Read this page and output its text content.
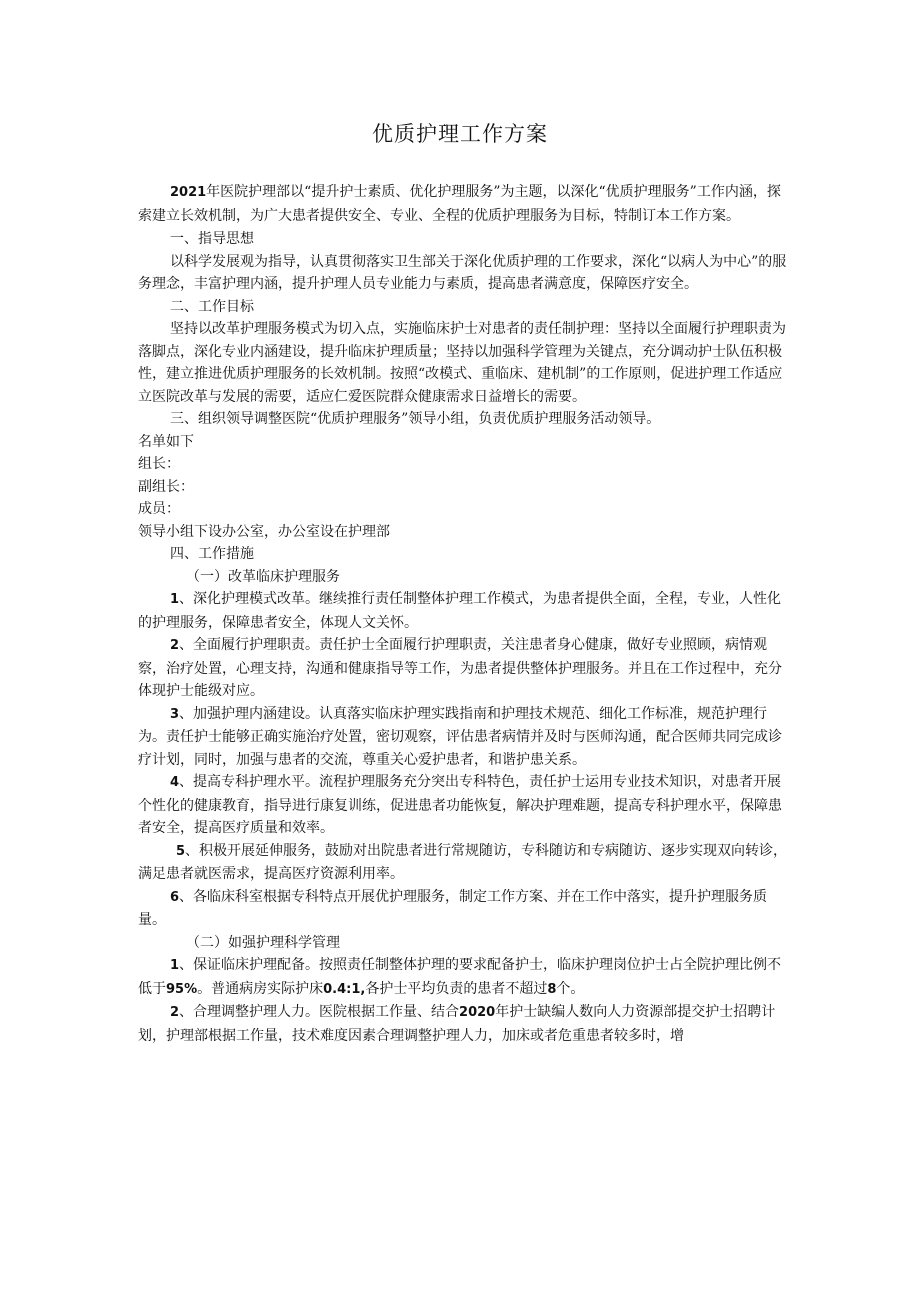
优质护理工作方案

2021年医院护理部以“提升护士素质、优化护理服务”为主题，以深化“优质护理服务”工作内涵，探索建立长效机制，为广大患者提供安全、专业、全程的优质护理服务为目标，特制订本工作方案。

一、指导思想

以科学发展观为指导，认真贯彻落实卫生部关于深化优质护理的工作要求，深化“以病人为中心”的服务理念，丰富护理内涵，提升护理人员专业能力与素质，提高患者满意度，保障医疗安全。

二、工作目标

坚持以改革护理服务模式为切入点，实施临床护士对患者的责任制护理：坚持以全面履行护理职责为落脚点，深化专业内涵建设，提升临床护理质量；坚持以加强科学管理为关键点，充分调动护士队伍积极性，建立推进优质护理服务的长效机制。按照“改模式、重临床、建机制”的工作原则，促进护理工作适应立医院改革与发展的需要，适应仁爱医院群众健康需求日益增长的需要。

三、组织领导调整医院“优质护理服务”领导小组，负责优质护理服务活动领导。

名单如下

组长：

副组长：

成员：

领导小组下设办公室，办公室设在护理部

四、工作措施

（一）改革临床护理服务

1、深化护理模式改革。继续推行责任制整体护理工作模式，为患者提供全面，全程，专业，人性化的护理服务，保障患者安全，体现人文关怀。

2、全面履行护理职责。责任护士全面履行护理职责，关注患者身心健康，做好专业照顾，病情观察，治疗处置，心理支持，沟通和健康指导等工作，为患者提供整体护理服务。并且在工作过程中，充分体现护士能级对应。

3、加强护理内涵建设。认真落实临床护理实践指南和护理技术规范、细化工作标准，规范护理行为。责任护士能够正确实施治疗处置，密切观察，评估患者病情并及时与医师沟通，配合医师共同完成诊疗计划，同时，加强与患者的交流，尊重关心爱护患者，和谐护患关系。

4、提高专科护理水平。流程护理服务充分突出专科特色，责任护士运用专业技术知识，对患者开展个性化的健康教育，指导进行康复训练，促进患者功能恢复，解决护理难题，提高专科护理水平，保障患者安全，提高医疗质量和效率。

5、积极开展延伸服务，鼓励对出院患者进行常规随访，专科随访和专病随访、逐步实现双向转诊，满足患者就医需求，提高医疗资源利用率。

6、各临床科室根据专科特点开展优护理服务，制定工作方案、并在工作中落实，提升护理服务质量。

（二）如强护理科学管理

1、保证临床护理配备。按照责任制整体护理的要求配备护士，临床护理岗位护士占全院护理比例不低于95%。普通病房实际护床0.4:1,各护士平均负责的患者不超过8个。

2、合理调整护理人力。医院根据工作量、结合2020年护士缺编人数向人力资源部提交护士招聘计划，护理部根据工作量，技术难度因素合理调整护理人力，加床或者危重患者较多时，增
